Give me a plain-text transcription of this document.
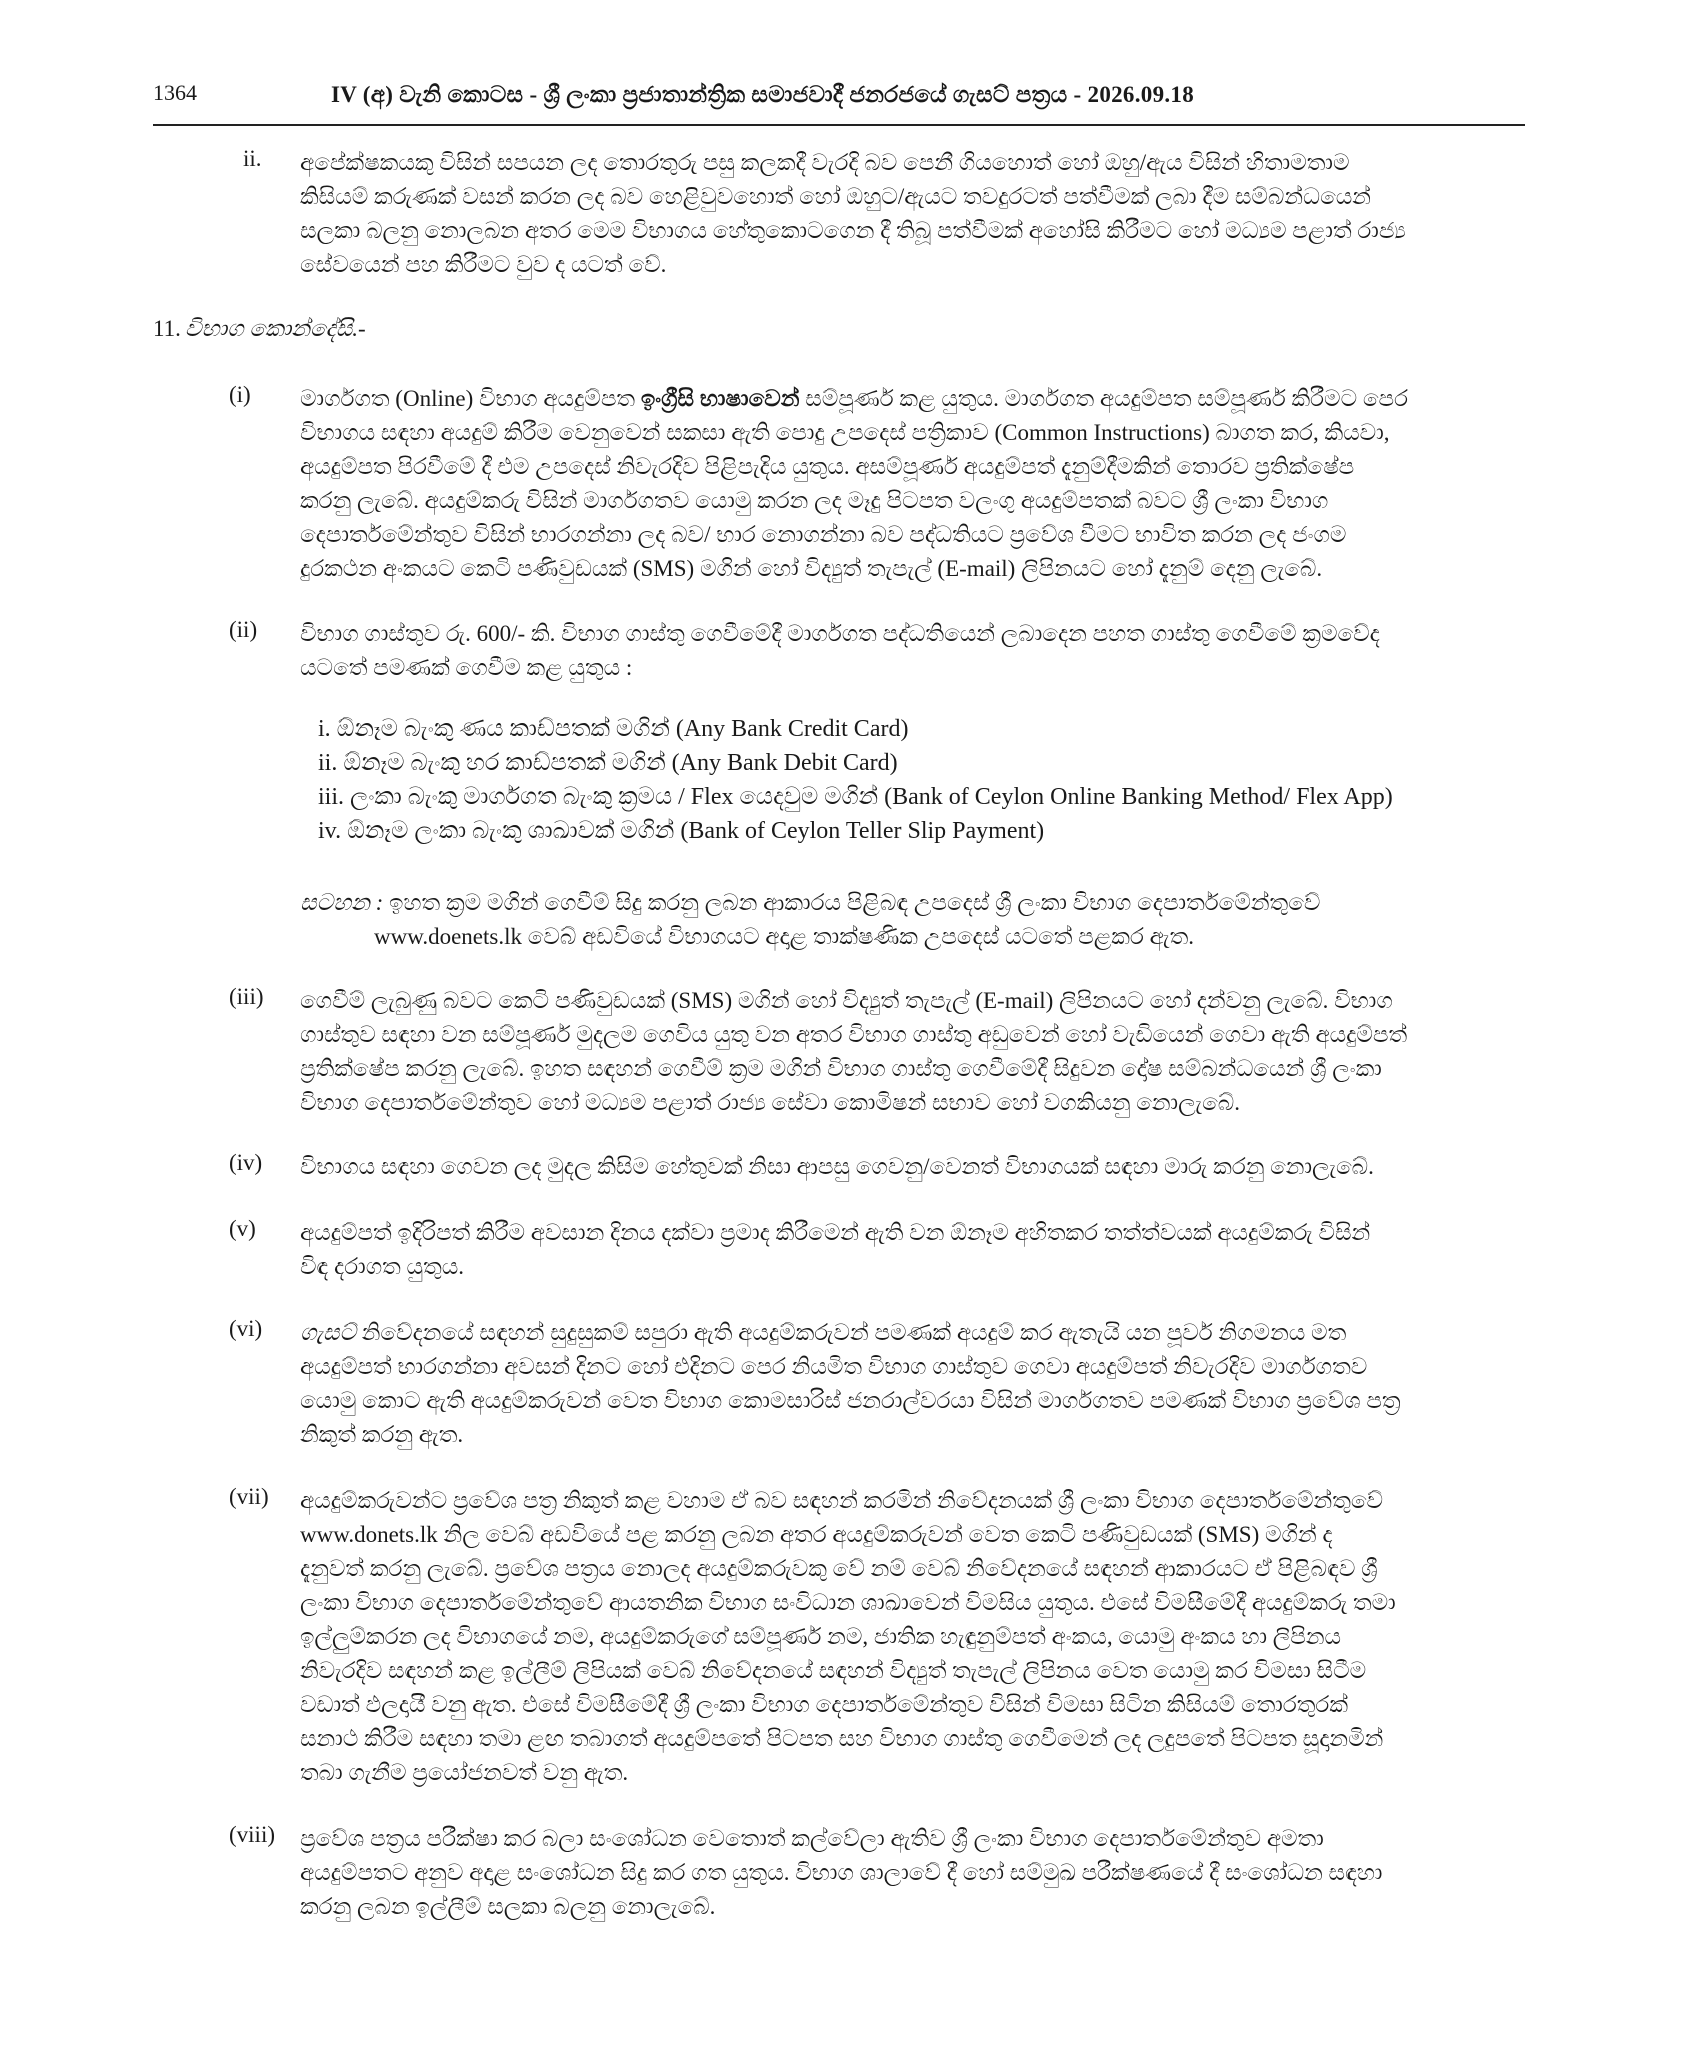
1364	IV (අ) වැනි කොටස - ශ්‍රී ලංකා ප්‍රජාතාන්ත්‍රික සමාජවාදී ජනරජයේ ගැසට් පත්‍රය - 2026.09.18
ii. අපේක්ෂකයකු විසින් සපයන ලද තොරතුරු පසු කලකදී වැරදි බව පෙනී ගියහොත් හෝ ඔහු/ඇය විසින් හිතාමතාම
කිසියම් කරුණක් වසන් කරන ලද බව හෙළිවුවහොත් හෝ ඔහුට/ඇයට තවදුරටත් පත්වීමක් ලබා දීම සම්බන්ධයෙන්
සලකා බලනු නොලබන අතර මෙම විභාගය හේතුකොටගෙන දී තිබූ පත්වීමක් අහෝසි කිරීමට හෝ මධ්‍යම පළාත් රාජ්‍ය
සේවයෙන් පහ කිරීමට වුව ද යටත් වේ.
11. විභාග කොන්දේසි.-
(i) මාර්ගගත (Online) විභාග අයදුම්පත ඉංග්‍රීසි භාෂාවෙන් සම්පූර්ණ කළ යුතුය. මාර්ගගත අයදුම්පත සම්පූර්ණ කිරීමට පෙර
විභාගය සඳහා අයදුම් කිරීම වෙනුවෙන් සකසා ඇති පොදු උපදෙස් පත්‍රිකාව (Common Instructions) බාගත කර, කියවා,
අයදුම්පත පිරවීමේ දී එම උපදෙස් නිවැරදිව පිළිපැදිය යුතුය. අසම්පූර්ණ අයදුම්පත් දැනුම්දීමකින් තොරව ප්‍රතික්ෂේප
කරනු ලැබේ. අයදුම්කරු විසින් මාර්ගගතව යොමු කරන ලද මෑදු පිටපත වලංගු අයදුම්පතක් බවට ශ්‍රී ලංකා විභාග
දෙපාර්තමේන්තුව විසින් භාරගන්නා ලද බව/ භාර නොගන්නා බව පද්ධතියට ප්‍රවේශ වීමට භාවිත කරන ලද ජංගම
දුරකථන අංකයට කෙටි පණිවුඩයක් (SMS) මගින් හෝ විද්‍යුත් තැපැල් (E-mail) ලිපිනයට හෝ දැනුම් දෙනු ලැබේ.
(ii) විභාග ගාස්තුව රු. 600/- කි. විභාග ගාස්තු ගෙවීමේදී මාර්ගගත පද්ධතියෙන් ලබාදෙන පහත ගාස්තු ගෙවීමේ ක්‍රමවේද
යටතේ පමණක් ගෙවීම කළ යුතුය :
i. ඕනෑම බැංකු ණය කාඩ්පතක් මගින් (Any Bank Credit Card)
ii. ඕනෑම බැංකු හර කාඩ්පතක් මගින් (Any Bank Debit Card)
iii. ලංකා බැංකු මාර්ගගත බැංකු ක්‍රමය / Flex යෙදවුම මගින් (Bank of Ceylon Online Banking Method/ Flex App)
iv. ඕනෑම ලංකා බැංකු ශාඛාවක් මගින් (Bank of Ceylon Teller Slip Payment)
සටහන : ඉහත ක්‍රම මගින් ගෙවීම් සිදු කරනු ලබන ආකාරය පිළිබඳ උපදෙස් ශ්‍රී ලංකා විභාග දෙපාර්තමේන්තුවේ
www.doenets.lk වෙබ් අඩවියේ විභාගයට අදාළ තාක්ෂණික උපදෙස් යටතේ පළකර ඇත.
(iii) ගෙවීම් ලැබුණු බවට කෙටි පණිවුඩයක් (SMS) මගින් හෝ විද්‍යුත් තැපැල් (E-mail) ලිපිනයට හෝ දන්වනු ලැබේ. විභාග
ගාස්තුව සඳහා වන සම්පූර්ණ මුදලම ගෙවිය යුතු වන අතර විභාග ගාස්තු අඩුවෙන් හෝ වැඩියෙන් ගෙවා ඇති අයදුම්පත්
ප්‍රතික්ෂේප කරනු ලැබේ. ඉහත සඳහන් ගෙවීම් ක්‍රම මගින් විභාග ගාස්තු ගෙවීමේදී සිදුවන දෝෂ සම්බන්ධයෙන් ශ්‍රී ලංකා
විභාග දෙපාර්තමේන්තුව හෝ මධ්‍යම පළාත් රාජ්‍ය සේවා කොමිෂන් සභාව හෝ වගකියනු නොලැබේ.
(iv) විභාගය සඳහා ගෙවන ලද මුදල කිසිම හේතුවක් නිසා ආපසු ගෙවනු/වෙනත් විභාගයක් සඳහා මාරු කරනු නොලැබේ.
(v) අයදුම්පත් ඉදිරිපත් කිරීම අවසාන දිනය දක්වා ප්‍රමාද කිරීමෙන් ඇති වන ඕනෑම අහිතකර තත්ත්වයක් අයදුම්කරු විසින්
විඳ දරාගත යුතුය.
(vi) ගැසට් නිවේදනයේ සඳහන් සුදුසුකම් සපුරා ඇති අයදුම්කරුවන් පමණක් අයදුම් කර ඇතැයි යන පූර්ව නිගමනය මත
අයදුම්පත් භාරගන්නා අවසන් දිනට හෝ එදිනට පෙර නියමිත විභාග ගාස්තුව ගෙවා අයදුම්පත් නිවැරදිව මාර්ගගතව
යොමු කොට ඇති අයදුම්කරුවන් වෙත විභාග කොමසාරිස් ජනරාල්වරයා විසින් මාර්ගගතව පමණක් විභාග ප්‍රවේශ පත්‍ර
නිකුත් කරනු ඇත.
(vii) අයදුම්කරුවන්ට ප්‍රවේශ පත්‍ර නිකුත් කළ වහාම ඒ බව සඳහන් කරමින් නිවේදනයක් ශ්‍රී ලංකා විභාග දෙපාර්තමේන්තුවේ
www.donets.lk නිල වෙබ් අඩවියේ පළ කරනු ලබන අතර අයදුම්කරුවන් වෙත කෙටි පණිවුඩයක් (SMS) මගින් ද
දැනුවත් කරනු ලැබේ. ප්‍රවේශ පත්‍රය නොලද අයදුම්කරුවකු වේ නම් වෙබ් නිවේදනයේ සඳහන් ආකාරයට ඒ පිළිබඳව ශ්‍රී
ලංකා විභාග දෙපාර්තමේන්තුවේ ආයතනික විභාග සංවිධාන ශාඛාවෙන් විමසිය යුතුය. එසේ විමසීමේදී අයදුම්කරු තමා
ඉල්ලුම්කරන ලද විභාගයේ නම, අයදුම්කරුගේ සම්පූර්ණ නම, ජාතික හැඳුනුම්පත් අංකය, යොමු අංකය හා ලිපිනය
නිවැරදිව සඳහන් කළ ඉල්ලීම් ලිපියක් වෙබ් නිවේදනයේ සඳහන් විද්‍යුත් තැපැල් ලිපිනය වෙත යොමු කර විමසා සිටීම
වඩාත් ඵලදායී වනු ඇත. එසේ විමසීමේදී ශ්‍රී ලංකා විභාග දෙපාර්තමේන්තුව විසින් විමසා සිටින කිසියම් තොරතුරක්
සනාථ කිරීම සඳහා තමා ළඟ තබාගත් අයදුම්පතේ පිටපත සහ විභාග ගාස්තු ගෙවීමෙන් ලද ලදුපතේ පිටපත සූදානමින්
තබා ගැනීම ප්‍රයෝජනවත් වනු ඇත.
(viii) ප්‍රවේශ පත්‍රය පරීක්ෂා කර බලා සංශෝධන වෙතොත් කල්වේලා ඇතිව ශ්‍රී ලංකා විභාග දෙපාර්තමේන්තුව අමතා
අයදුම්පතට අනුව අදාළ සංශෝධන සිදු කර ගත යුතුය. විභාග ශාලාවේ දී හෝ සම්මුඛ පරීක්ෂණයේ දී සංශෝධන සඳහා
කරනු ලබන ඉල්ලීම් සලකා බලනු නොලැබේ.
